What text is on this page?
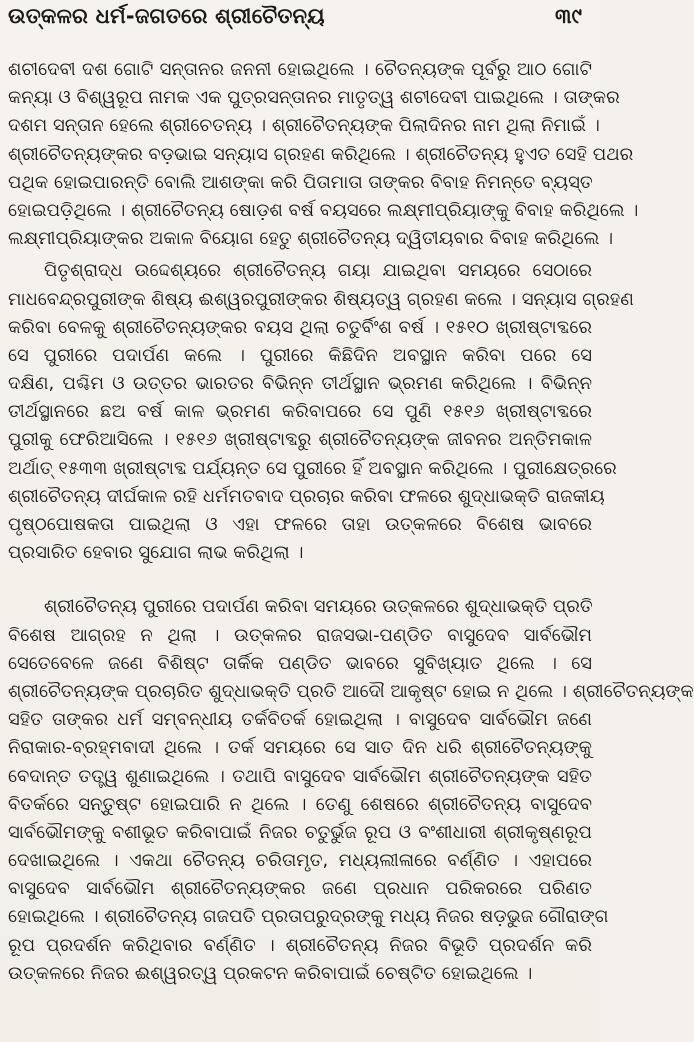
ଉତ୍କଳର ଧର୍ମ-ଜଗତରେ ଶ୍ରୀଚୈତନ୍ୟ	୩୯

ଶଚୀଦେବୀ ଦଶ ଗୋଟି ସନ୍ତାନର ଜନନୀ ହୋଇଥିଲେ । ଚୈତନ୍ୟଙ୍କ ପୂର୍ବରୁ ଆଠ ଗୋଟି
କନ୍ୟା ଓ ବିଶ୍ୱରୂପ ନାମକ ଏକ ପୁତ୍ରସନ୍ତାନର ମାତୃତ୍ୱ ଶଚୀଦେବୀ ପାଇଥିଲେ । ତାଙ୍କର
ଦଶମ ସନ୍ତାନ ହେଲେ ଶ୍ରୀଚେତନ୍ୟ । ଶ୍ରୀଚୈତନ୍ୟଙ୍କ ପିଲାଦିନର ନାମ ଥିଲା ନିମାଇଁ ।
ଶ୍ରୀଚୈତନ୍ୟଙ୍କର ବଡ଼ଭାଇ ସନ୍ୟାସ ଗ୍ରହଣ କରିଥିଲେ । ଶ୍ରୀଚୈତନ୍ୟ ହୁଏତ ସେହି ପଥର
ପଥିକ ହୋଇପାରନ୍ତି ବୋଲି ଆଶଙ୍କା କରି ପିତାମାତା ତାଙ୍କର ବିବାହ ନିମନ୍ତେ ବ୍ୟସ୍ତ
ହୋଇପଡ଼ିଥିଲେ । ଶ୍ରୀଚୈତନ୍ୟ ଷୋଡ଼ଶ ବର୍ଷ ବୟସରେ ଲକ୍ଷ୍ମୀପ୍ରିୟାଙ୍କୁ ବିବାହ କରିଥିଲେ ।
ଲକ୍ଷ୍ମୀପ୍ରିୟାଙ୍କର ଅକାଳ ବିୟୋଗ ହେତୁ ଶ୍ରୀଚୈତନ୍ୟ ଦ୍ୱିତୀୟବାର ବିବାହ କରିଥିଲେ ।

ପିତୃଶ୍ରାଦ୍ଧ ଉଦ୍ଦେଶ୍ୟରେ ଶ୍ରୀଚୈତନ୍ୟ ଗୟା ଯାଇଥିବା ସମୟରେ ସେଠାରେ
ମାଧବେନ୍ଦ୍ରପୁରୀଙ୍କ ଶିଷ୍ୟ ଈଶ୍ୱରପୁରୀଙ୍କର ଶିଷ୍ୟତ୍ୱ ଗ୍ରହଣ କଲେ । ସନ୍ୟାସ ଗ୍ରହଣ
କରିବା ବେଳକୁ ଶ୍ରୀଚୈତନ୍ୟଙ୍କର ବୟସ ଥିଲା ଚତୁର୍ବିଂଶ ବର୍ଷ । ୧୫୧୦ ଖ୍ରୀଷ୍ଟାବ୍ଦରେ
ସେ ପୁରୀରେ ପଦାର୍ପଣ କଲେ । ପୁରୀରେ କିଛିଦିନ ଅବସ୍ଥାନ କରିବା ପରେ ସେ
ଦକ୍ଷିଣ, ପଶ୍ଚିମ ଓ ଉତ୍ତର ଭାରତର ବିଭିନ୍ନ ତୀର୍ଥସ୍ଥାନ ଭ୍ରମଣ କରିଥିଲେ । ବିଭିନ୍ନ
ତୀର୍ଥସ୍ଥାନରେ ଛଅ ବର୍ଷ କାଳ ଭ୍ରମଣ କରିବାପରେ ସେ ପୁଣି ୧୫୧୬ ଖ୍ରୀଷ୍ଟାବ୍ଦରେ
ପୁରୀକୁ ଫେରିଆସିଲେ । ୧୫୧୬ ଖ୍ରୀଷ୍ଟାବ୍ଦରୁ ଶ୍ରୀଚୈତନ୍ୟଙ୍କ ଜୀବନର ଅନ୍ତିମକାଳ
ଅର୍ଥାତ୍ ୧୫୩୩ ଖ୍ରୀଷ୍ଟାବ୍ଦ ପର୍ଯ୍ୟନ୍ତ ସେ ପୁରୀରେ ହିଁ ଅବସ୍ଥାନ କରିଥିଲେ । ପୁରୀକ୍ଷେତ୍ରରେ
ଶ୍ରୀଚୈତନ୍ୟ ଦୀର୍ଘକାଳ ରହି ଧର୍ମମତବାଦ ପ୍ରଚାର କରିବା ଫଳରେ ଶୁଦ୍ଧାଭକ୍ତି ରାଜକୀୟ
ପୃଷ୍ଠପୋଷକତା ପାଇଥିଲା ଓ ଏହା ଫଳରେ ତାହା ଉତ୍କଳରେ ବିଶେଷ ଭାବରେ
ପ୍ରସାରିତ ହେବାର ସୁଯୋଗ ଲାଭ କରିଥିଲା ।

ଶ୍ରୀଚୈତନ୍ୟ ପୁରୀରେ ପଦାର୍ପଣ କରିବା ସମୟରେ ଉତ୍କଳରେ ଶୁଦ୍ଧାଭକ୍ତି ପ୍ରତି
ବିଶେଷ ଆଗ୍ରହ ନ ଥିଲା । ଉତ୍କଳର ରାଜସଭା-ପଣ୍ଡିତ ବାସୁଦେବ ସାର୍ବଭୌମ
ସେତେବେଳେ ଜଣେ ବିଶିଷ୍ଟ ତାର୍କିକ ପଣ୍ଡିତ ଭାବରେ ସୁବିଖ୍ୟାତ ଥିଲେ । ସେ
ଶ୍ରୀଚୈତନ୍ୟଙ୍କ ପ୍ରଚାରିତ ଶୁଦ୍ଧାଭକ୍ତି ପ୍ରତି ଆଦୌ ଆକୃଷ୍ଟ ହୋଇ ନ ଥିଲେ । ଶ୍ରୀଚୈତନ୍ୟଙ୍କ
ସହିତ ତାଙ୍କର ଧର୍ମ ସମ୍ବନ୍ଧୀୟ ତର୍କବିତର୍କ ହୋଇଥିଲା । ବାସୁଦେବ ସାର୍ବଭୌମ ଜଣେ
ନିରାକାର-ବ୍ରହ୍ମବାଦୀ ଥିଲେ । ତର୍କ ସମୟରେ ସେ ସାତ ଦିନ ଧରି ଶ୍ରୀଚୈତନ୍ୟଙ୍କୁ
ବେଦାନ୍ତ ତତ୍ତ୍ୱ ଶୁଣାଇଥିଲେ । ତଥାପି ବାସୁଦେବ ସାର୍ବଭୌମ ଶ୍ରୀଚୈତନ୍ୟଙ୍କ ସହିତ
ବିତର୍କରେ ସନ୍ତୁଷ୍ଟ ହୋଇପାରି ନ ଥିଲେ । ତେଣୁ ଶେଷରେ ଶ୍ରୀଚୈତନ୍ୟ ବାସୁଦେବ
ସାର୍ବଭୌମଙ୍କୁ ବଶୀଭୂତ କରିବାପାଇଁ ନିଜର ଚତୁର୍ଭୁଜ ରୂପ ଓ ବଂଶୀଧାରୀ ଶ୍ରୀକୃଷ୍ଣରୂପ
ଦେଖାଇଥିଲେ । ଏକଥା ଚୈତନ୍ୟ ଚରିତାମୃତ, ମଧ୍ୟଲୀଳାରେ ବର୍ଣ୍ଣିତ । ଏହାପରେ
ବାସୁଦେବ ସାର୍ବଭୌମ ଶ୍ରୀଚୈତନ୍ୟଙ୍କର ଜଣେ ପ୍ରଧାନ ପରିକରରେ ପରିଣତ
ହୋଇଥିଲେ । ଶ୍ରୀଚୈତନ୍ୟ ଗଜପତି ପ୍ରତାପରୁଦ୍ରଙ୍କୁ ମଧ୍ୟ ନିଜର ଷଡ଼ଭୁଜ ଗୌରାଙ୍ଗ
ରୂପ ପ୍ରଦର୍ଶନ କରିଥିବାର ବର୍ଣ୍ଣିତ । ଶ୍ରୀଚୈତନ୍ୟ ନିଜର ବିଭୂତି ପ୍ରଦର୍ଶନ କରି
ଉତ୍କଳରେ ନିଜର ଈଶ୍ୱରତ୍ୱ ପ୍ରକଟନ କରିବାପାଇଁ ଚେଷ୍ଟିତ ହୋଇଥିଲେ ।
